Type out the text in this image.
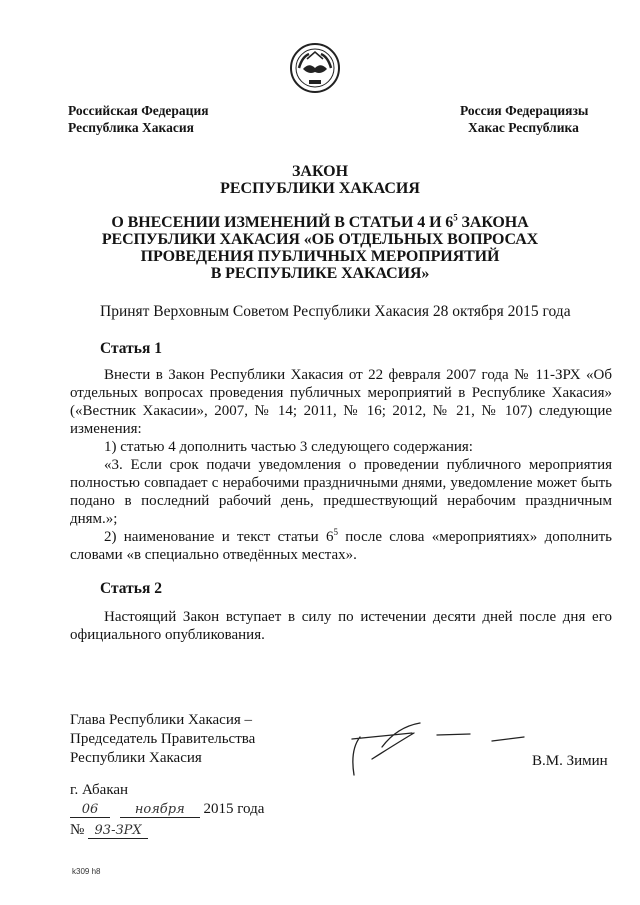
Российская Федерация
Республика Хакасия
Россия Федерациязы
Хакас Республика
ЗАКОН
РЕСПУБЛИКИ ХАКАСИЯ
О ВНЕСЕНИИ ИЗМЕНЕНИЙ В СТАТЬИ 4 И $6^5$ ЗАКОНА
РЕСПУБЛИКИ ХАКАСИЯ «ОБ ОТДЕЛЬНЫХ ВОПРОСАХ
ПРОВЕДЕНИЯ ПУБЛИЧНЫХ МЕРОПРИЯТИЙ
В РЕСПУБЛИКЕ ХАКАСИЯ»
Принят Верховным Советом Республики Хакасия 28 октября 2015 года
Статья 1

Внести в Закон Республики Хакасия от 22 февраля 2007 года № 11-ЗРХ «Об отдельных вопросах проведения публичных мероприятий в Республике Хакасия» («Вестник Хакасии», 2007, № 14; 2011, № 16; 2012, № 21, № 107) следующие изменения:

1) статью 4 дополнить частью 3 следующего содержания:

«3. Если срок подачи уведомления о проведении публичного мероприятия полностью совпадает с нерабочими праздничными днями, уведомление может быть подано в последний рабочий день, предшествующий нерабочим праздничным дням.»;

2) наименование и текст статьи $6^5$ после слова «мероприятиях» дополнить словами «в специально отведённых местах».

Статья 2

Настоящий Закон вступает в силу по истечении десяти дней после дня его официального опубликования.

Глава Республики Хакасия –
Председатель Правительства
Республики Хакасия	В.М. Зимин
г. Абакан
06	ноября 2015 года
№ 93-ЗРХ
k309 h8
